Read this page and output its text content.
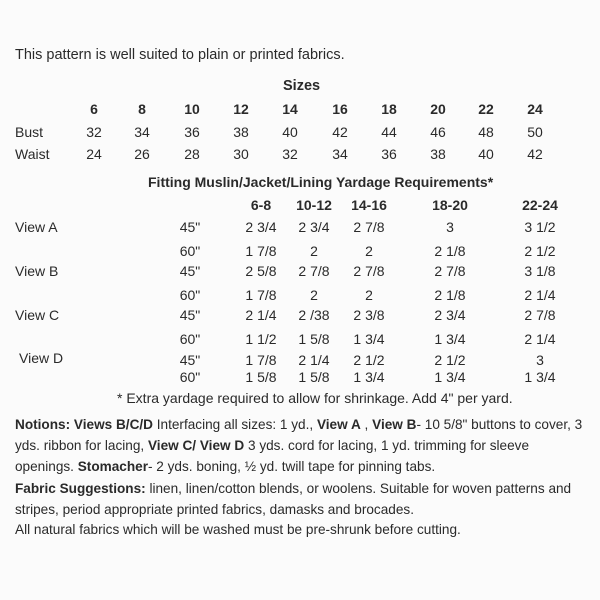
This pattern is well suited to plain or printed fabrics.
Sizes
6	8	10	12	14	16	18	20	22	24
Bust	32	34	36	38	40	42	44	46	48	50
Waist	24	26	28	30	32	34	36	38	40	42
Fitting Muslin/Jacket/Lining Yardage Requirements*
6-8	10-12	14-16	18-20	22-24
View A	45"	2 3/4	2 3/4	2 7/8	3	3 1/2
60"	1 7/8	2	2	2 1/8	2 1/2
View B	45"	2 5/8	2 7/8	2 7/8	2 7/8	3 1/8
60"	1 7/8	2	2	2 1/8	2 1/4
View C	45"	2 1/4	2 /38	2 3/8	2 3/4	2 7/8
60"	1 1/2	1 5/8	1 3/4	1 3/4	2 1/4
View D	45"	1 7/8	2 1/4	2 1/2	2 1/2	3
60"	1 5/8	1 5/8	1 3/4	1 3/4	1 3/4
* Extra yardage required to allow for shrinkage. Add 4" per yard.
Notions: Views B/C/D Interfacing all sizes: 1 yd., View A , View B- 10 5/8" buttons to cover, 3 yds. ribbon for lacing, View C/ View D 3 yds. cord for lacing, 1 yd. trimming for sleeve openings. Stomacher- 2 yds. boning, ½ yd. twill tape for pinning tabs.
Fabric Suggestions: linen, linen/cotton blends, or woolens. Suitable for woven patterns and stripes, period appropriate printed fabrics, damasks and brocades.
All natural fabrics which will be washed must be pre-shrunk before cutting.
